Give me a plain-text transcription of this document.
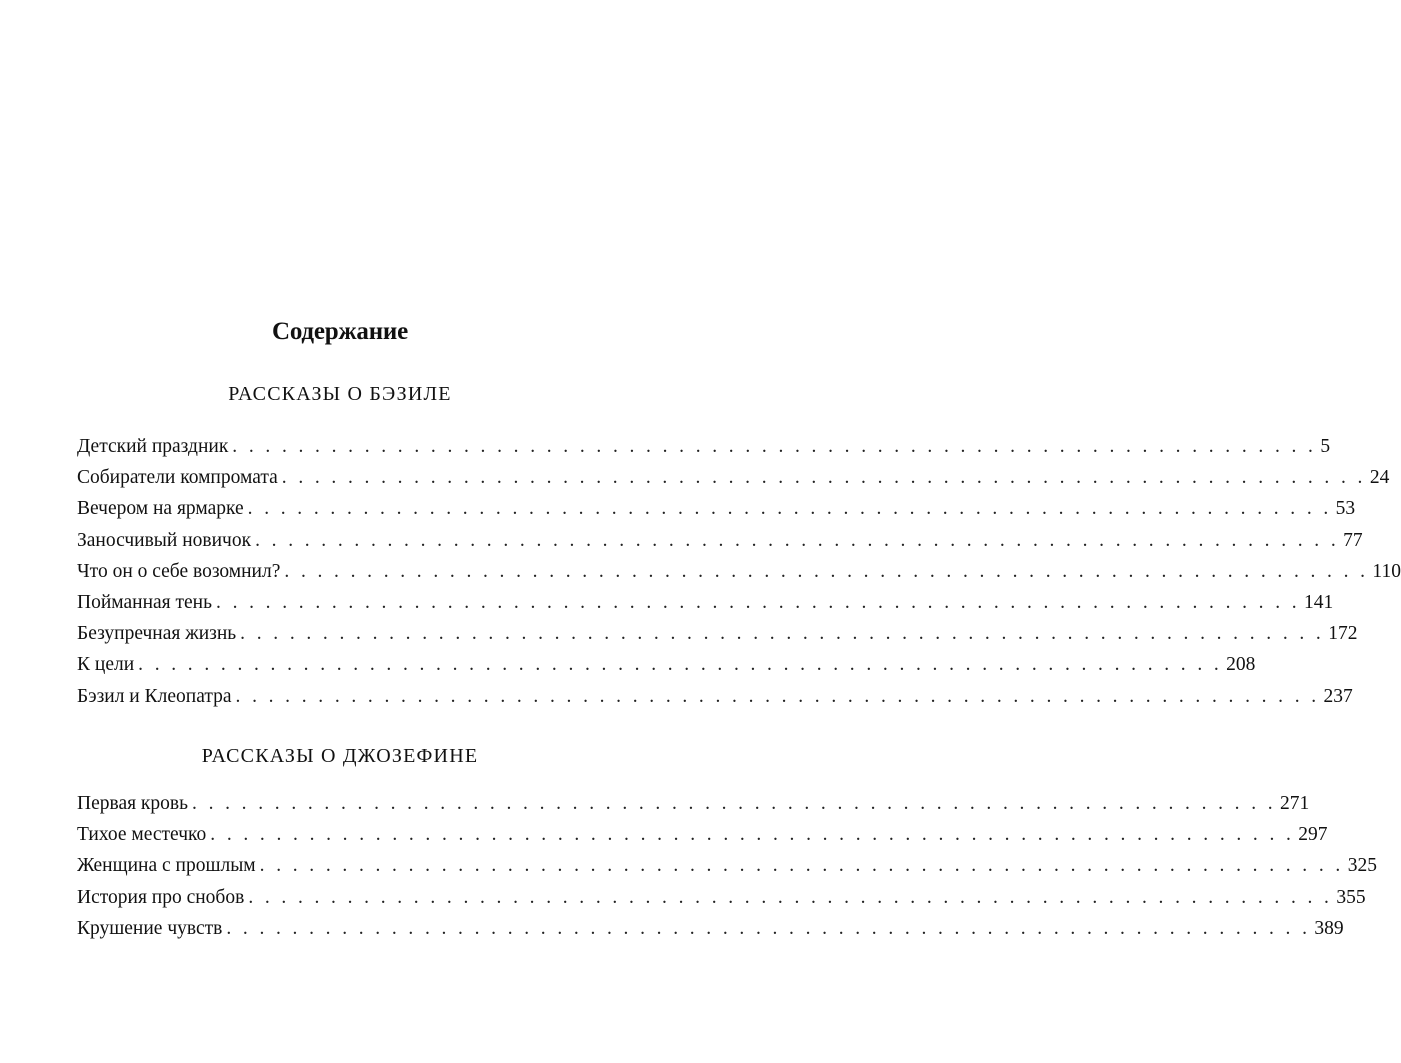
Содержание
РАССКАЗЫ О БЭЗИЛЕ
Детский праздник . . . . . . . . . . . . . . . . . . . . . . . . . . . . . . . . . . . . . . . . . . . . . . . . . . . . . . . . . . . . . . . . . . 5
Собиратели компромата . . . . . . . . . . . . . . . . . . . . . . . . . . . . . . . . . . . . . . . . . . . . . . . . . . . . . . . . . . . . . . . . . . 24
Вечером на ярмарке . . . . . . . . . . . . . . . . . . . . . . . . . . . . . . . . . . . . . . . . . . . . . . . . . . . . . . . . . . . . . . . . . . 53
Заносчивый новичок . . . . . . . . . . . . . . . . . . . . . . . . . . . . . . . . . . . . . . . . . . . . . . . . . . . . . . . . . . . . . . . . . . 77
Что он о себе возомнил? . . . . . . . . . . . . . . . . . . . . . . . . . . . . . . . . . . . . . . . . . . . . . . . . . . . . . . . . . . . . . . . . . . 110
Пойманная тень . . . . . . . . . . . . . . . . . . . . . . . . . . . . . . . . . . . . . . . . . . . . . . . . . . . . . . . . . . . . . . . . . . 141
Безупречная жизнь . . . . . . . . . . . . . . . . . . . . . . . . . . . . . . . . . . . . . . . . . . . . . . . . . . . . . . . . . . . . . . . . . . 172
К цели . . . . . . . . . . . . . . . . . . . . . . . . . . . . . . . . . . . . . . . . . . . . . . . . . . . . . . . . . . . . . . . . . . 208
Бэзил и Клеопатра . . . . . . . . . . . . . . . . . . . . . . . . . . . . . . . . . . . . . . . . . . . . . . . . . . . . . . . . . . . . . . . . . . 237
РАССКАЗЫ О ДЖОЗЕФИНЕ
Первая кровь . . . . . . . . . . . . . . . . . . . . . . . . . . . . . . . . . . . . . . . . . . . . . . . . . . . . . . . . . . . . . . . . . . 271
Тихое местечко . . . . . . . . . . . . . . . . . . . . . . . . . . . . . . . . . . . . . . . . . . . . . . . . . . . . . . . . . . . . . . . . . . 297
Женщина с прошлым . . . . . . . . . . . . . . . . . . . . . . . . . . . . . . . . . . . . . . . . . . . . . . . . . . . . . . . . . . . . . . . . . . 325
История про снобов . . . . . . . . . . . . . . . . . . . . . . . . . . . . . . . . . . . . . . . . . . . . . . . . . . . . . . . . . . . . . . . . . . 355
Крушение чувств . . . . . . . . . . . . . . . . . . . . . . . . . . . . . . . . . . . . . . . . . . . . . . . . . . . . . . . . . . . . . . . . . . 389
